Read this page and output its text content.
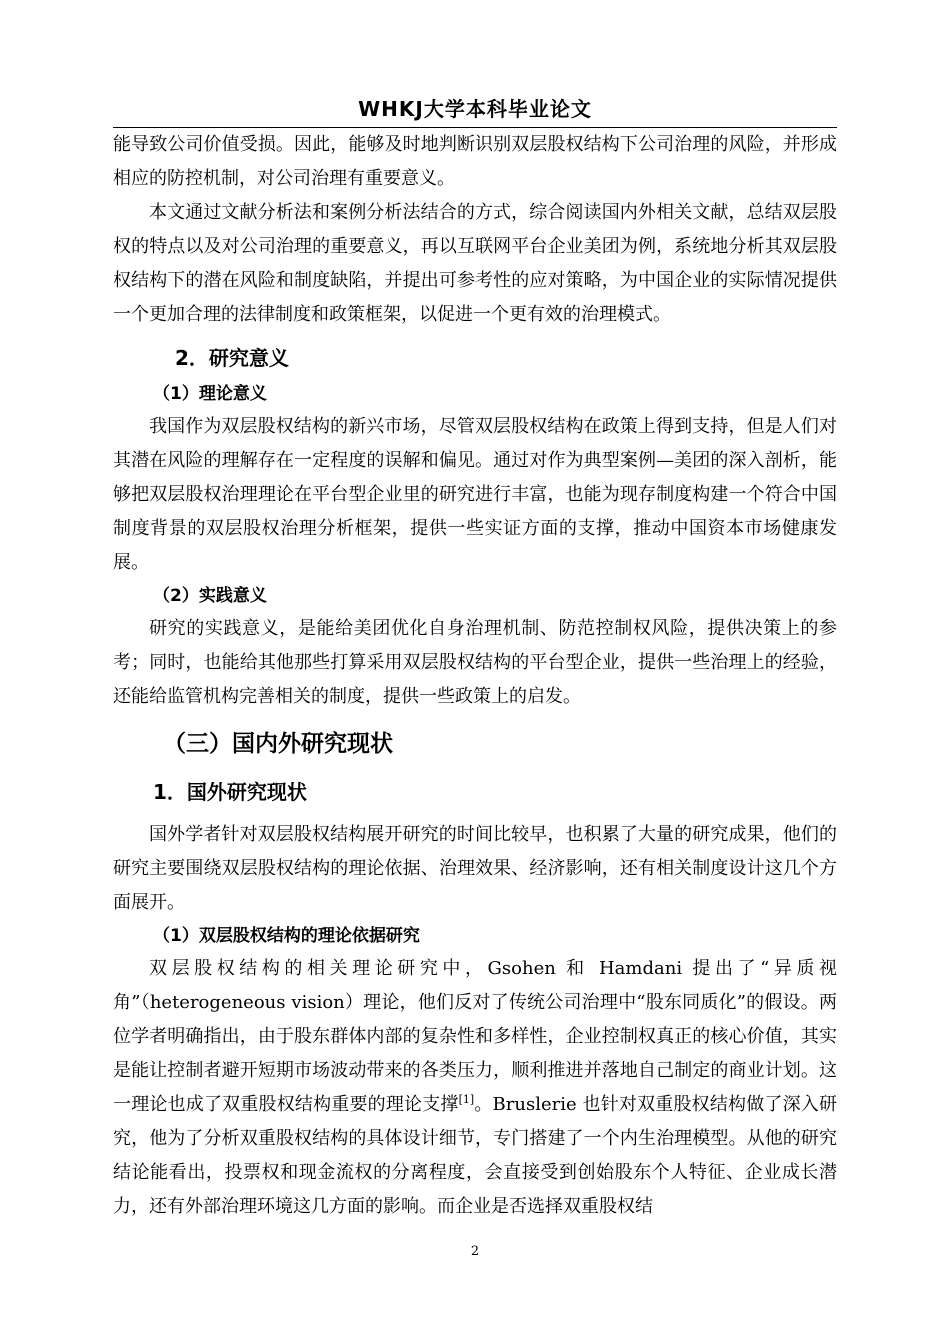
WHKJ大学本科毕业论文

能导致公司价值受损。因此，能够及时地判断识别双层股权结构下公司治理的风险，并形成相应的防控机制，对公司治理有重要意义。

本文通过文献分析法和案例分析法结合的方式，综合阅读国内外相关文献，总结双层股权的特点以及对公司治理的重要意义，再以互联网平台企业美团为例，系统地分析其双层股权结构下的潜在风险和制度缺陷，并提出可参考性的应对策略，为中国企业的实际情况提供一个更加合理的法律制度和政策框架，以促进一个更有效的治理模式。

2．研究意义
（1）理论意义

我国作为双层股权结构的新兴市场，尽管双层股权结构在政策上得到支持，但是人们对其潜在风险的理解存在一定程度的误解和偏见。通过对作为典型案例—美团的深入剖析，能够把双层股权治理理论在平台型企业里的研究进行丰富，也能为现存制度构建一个符合中国制度背景的双层股权治理分析框架，提供一些实证方面的支撑，推动中国资本市场健康发展。

（2）实践意义

研究的实践意义，是能给美团优化自身治理机制、防范控制权风险，提供决策上的参考；同时，也能给其他那些打算采用双层股权结构的平台型企业，提供一些治理上的经验，还能给监管机构完善相关的制度，提供一些政策上的启发。

（三）国内外研究现状
1．国外研究现状

国外学者针对双层股权结构展开研究的时间比较早，也积累了大量的研究成果，他们的研究主要围绕双层股权结构的理论依据、治理效果、经济影响，还有相关制度设计这几个方面展开。

（1）双层股权结构的理论依据研究

双层股权结构的相关理论研究中，Gsohen 和 Hamdani 提出了“异质视角”（heterogeneous vision）理论，他们反对了传统公司治理中“股东同质化”的假设。两位学者明确指出，由于股东群体内部的复杂性和多样性，企业控制权真正的核心价值，其实是能让控制者避开短期市场波动带来的各类压力，顺利推进并落地自己制定的商业计划。这一理论也成了双重股权结构重要的理论支撑[1]。Bruslerie 也针对双重股权结构做了深入研究，他为了分析双重股权结构的具体设计细节，专门搭建了一个内生治理模型。从他的研究结论能看出，投票权和现金流权的分离程度，会直接受到创始股东个人特征、企业成长潜力，还有外部治理环境这几方面的影响。而企业是否选择双重股权结

2
